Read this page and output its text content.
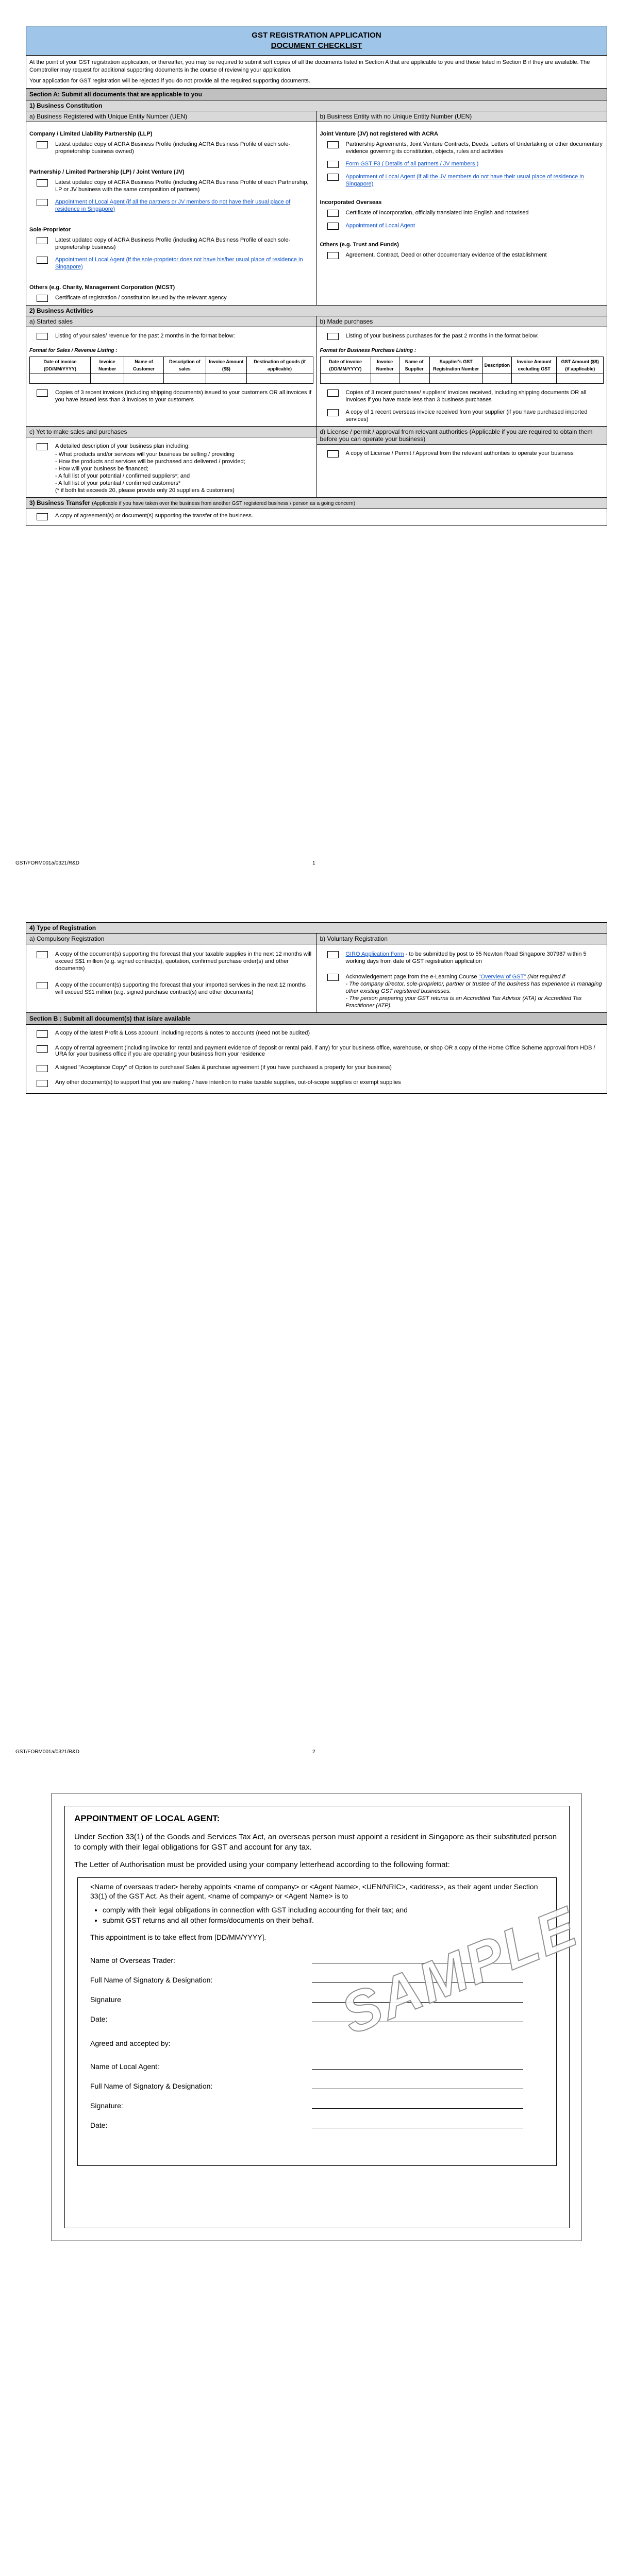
GST REGISTRATION APPLICATION
DOCUMENT CHECKLIST

At the point of your GST registration application, or thereafter, you may be required to submit soft copies of all the documents listed in Section A that are applicable to you and those listed in Section B if they are available. The Comptroller may request for additional supporting documents in the course of reviewing your application.

Your application for GST registration will be rejected if you do not provide all the required supporting documents.

Section A: Submit all documents that are applicable to you
1) Business Constitution
a) Business Registered with Unique Entity Number (UEN)
Company / Limited Liability Partnership (LLP)
Latest updated copy of ACRA Business Profile (including ACRA Business Profile of each sole-proprietorship business owned)
Partnership / Limited Partnership (LP) / Joint Venture (JV)
Latest updated copy of ACRA Business Profile (including ACRA Business Profile of each Partnership, LP or JV business with the same composition of partners)
Appointment of Local Agent (if all the partners or JV members do not have their usual place of residence in Singapore)
Sole-Proprietor
Latest updated copy of ACRA Business Profile (including ACRA Business Profile of each sole-proprietorship business)
Appointment of Local Agent (if the sole-proprietor does not have his/her usual place of residence in Singapore)
Others (e.g. Charity, Management Corporation (MCST)
Certificate of registration / constitution issued by the relevant agency
b) Business Entity with no Unique Entity Number (UEN)
Joint Venture (JV) not registered with ACRA
Partnership Agreements, Joint Venture Contracts, Deeds, Letters of Undertaking or other documentary evidence governing its constitution, objects, rules and activities
Form GST F3 ( Details of all partners / JV members )
Appointment of Local Agent (if all the JV members do not have their usual place of residence in Singapore)
Incorporated Overseas
Certificate of Incorporation, officially translated into English and notarised
Appointment of Local Agent
Others (e.g. Trust and Funds)
Agreement, Contract, Deed or other documentary evidence of the establishment
2) Business Activities
a) Started sales
Listing of your sales/ revenue for the past 2 months in the format below:
Format for Sales / Revenue Listing :
Date of invoice (DD/MM/YYYY)	Invoice Number	Name of Customer	Description of sales	Invoice Amount ($$)	Destination of goods (if applicable)

Copies of 3 recent invoices (including shipping documents) issued to your customers OR all invoices if you have issued less than 3 invoices to your customers
b) Made purchases
Listing of your business purchases for the past 2 months in the format below:
Format for Business Purchase Listing :
Date of invoice (DD/MM/YYYY)	Invoice Number	Name of Supplier	Supplier's GST Registration Number	Description	Invoice Amount excluding GST	GST Amount ($$) (if applicable)

Copies of 3 recent purchases/ suppliers' invoices received, including shipping documents OR all invoices if you have made less than 3 business purchases
A copy of 1 recent overseas invoice received from your supplier (if you have purchased imported services)
c) Yet to make sales and purchases
A detailed description of your business plan including:
- What products and/or services will your business be selling / providing
- How the products and services will be purchased and delivered / provided;
- How will your business be financed;
- A full list of your potential / confirmed suppliers*; and
- A full list of your potential / confirmed customers*
(* if both list exceeds 20, please provide only 20 suppliers & customers)
d) License / permit / approval from relevant authorities (Applicable if you are required to obtain them before you can operate your business)
A copy of License / Permit / Approval from the relevant authorities to operate your business
3) Business Transfer (Applicable if you have taken over the business from another GST registered business / person as a going concern)
A copy of agreement(s) or document(s) supporting the transfer of the business.
GST/FORM001a/0321/R&D	1
4) Type of Registration
a) Compulsory Registration
A copy of the document(s) supporting the forecast that your taxable supplies in the next 12 months will exceed S$1 million (e.g. signed contract(s), quotation, confirmed purchase order(s) and other documents)
A copy of the document(s) supporting the forecast that your imported services in the next 12 months will exceed S$1 million (e.g. signed purchase contract(s) and other documents)
b) Voluntary Registration
GIRO Application Form - to be submitted by post to 55 Newton Road Singapore 307987 within 5 working days from date of GST registration application
Acknowledgement page from the e-Learning Course "Overview of GST" (Not required if
- The company director, sole-proprietor, partner or trustee of the business has experience in managing other existing GST registered businesses.
- The person preparing your GST returns is an Accredited Tax Advisor (ATA) or Accredited Tax Practitioner (ATP).
Section B : Submit all document(s) that is/are available
A copy of the latest Profit & Loss account, including reports & notes to accounts (need not be audited)
A copy of rental agreement (including invoice for rental and payment evidence of deposit or rental paid, if any) for your business office, warehouse, or shop OR a copy of the Home Office Scheme approval from HDB / URA for your business office if you are operating your business from your residence
A signed "Acceptance Copy" of Option to purchase/ Sales & purchase agreement (if you have purchased a property for your business)
Any other document(s) to support that you are making / have intention to make taxable supplies, out-of-scope supplies or exempt supplies
GST/FORM001a/0321/R&D	2
APPOINTMENT OF LOCAL AGENT:

Under Section 33(1) of the Goods and Services Tax Act, an overseas person must appoint a resident in Singapore as their substituted person to comply with their legal obligations for GST and account for any tax.

The Letter of Authorisation must be provided using your company letterhead according to the following format:

<Name of overseas trader> hereby appoints <name of company> or <Agent Name>, <UEN/NRIC>, <address>, as their agent under Section 33(1) of the GST Act. As their agent, <name of company> or <Agent Name> is to

• comply with their legal obligations in connection with GST including accounting for their tax; and
• submit GST returns and all other forms/documents on their behalf.

This appointment is to take effect from [DD/MM/YYYY].

Name of Overseas Trader:
Full Name of Signatory & Designation:
Signature
Date:

Agreed and accepted by:

Name of Local Agent:
Full Name of Signatory & Designation:
Signature:
Date:
SAMPLE
